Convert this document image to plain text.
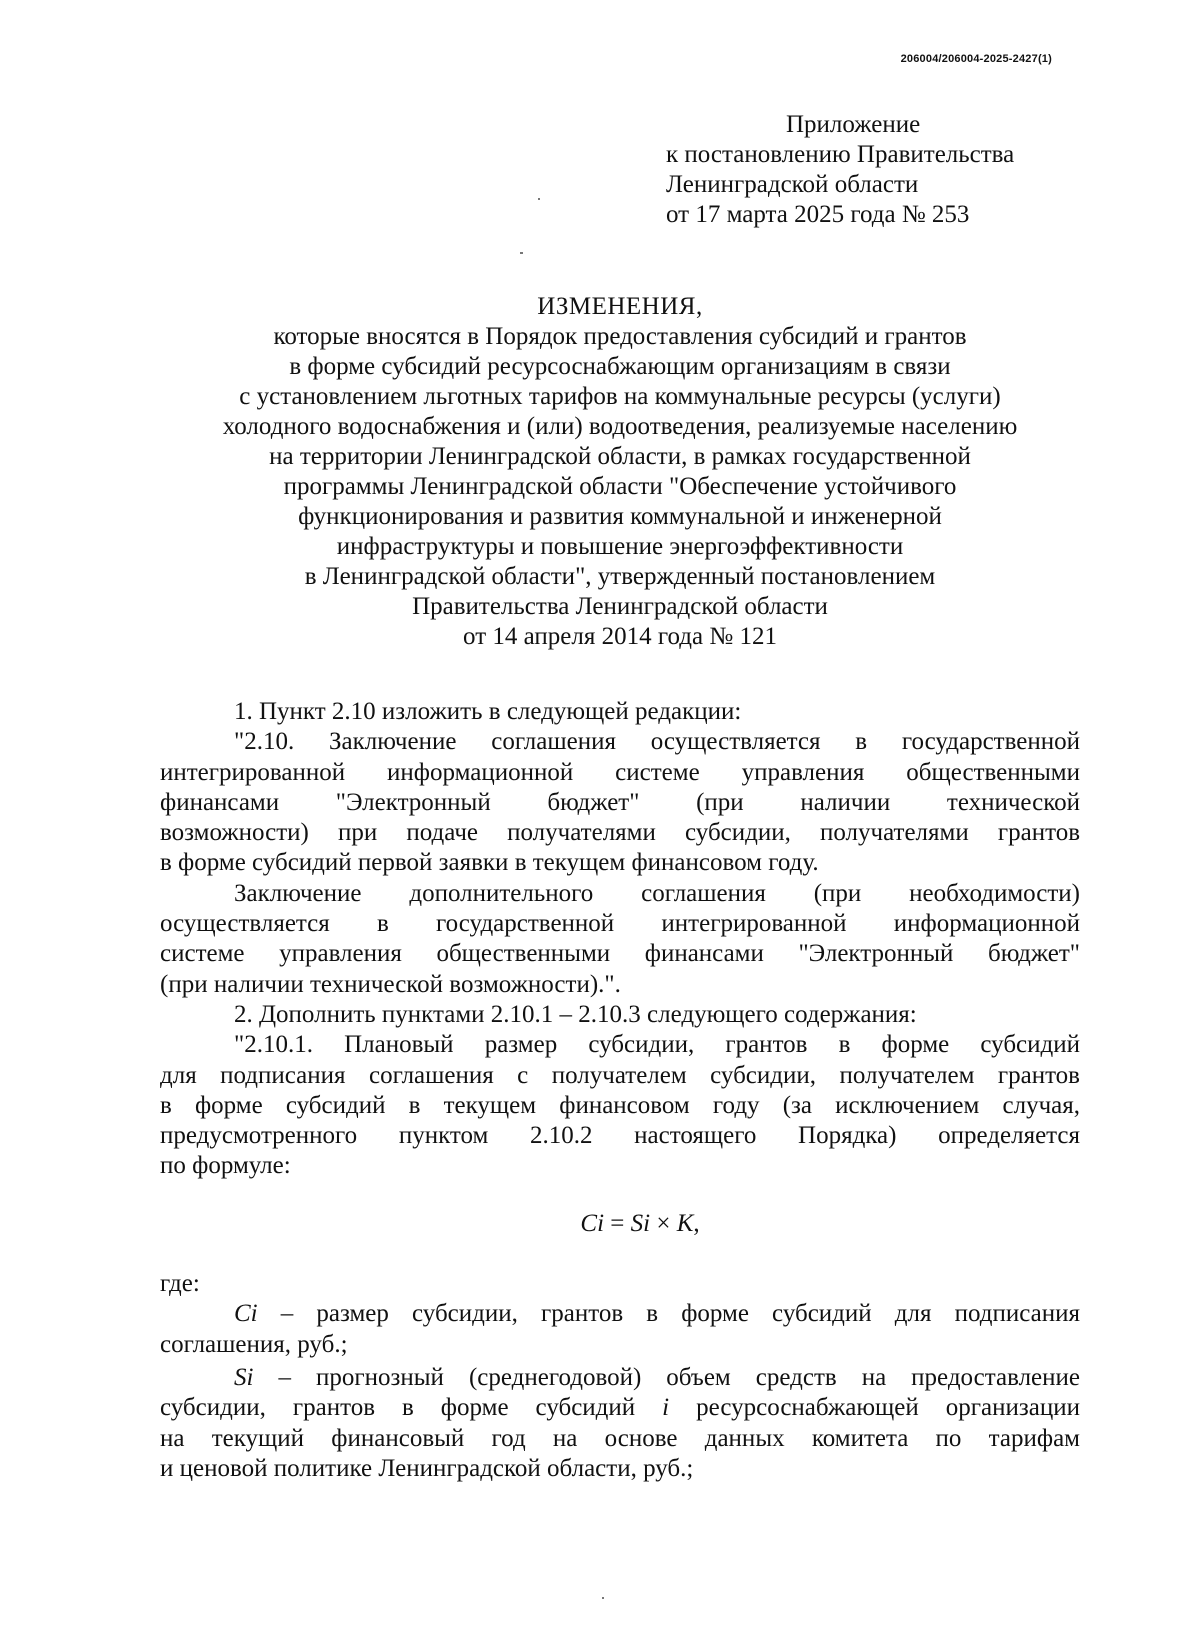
206004/206004-2025-2427(1)
Приложение
к постановлению Правительства
Ленинградской области
от 17 марта 2025 года № 253
ИЗМЕНЕНИЯ,
которые вносятся в Порядок предоставления субсидий и грантов
в форме субсидий ресурсоснабжающим организациям в связи
с установлением льготных тарифов на коммунальные ресурсы (услуги)
холодного водоснабжения и (или) водоотведения, реализуемые населению
на территории Ленинградской области, в рамках государственной
программы Ленинградской области "Обеспечение устойчивого
функционирования и развития коммунальной и инженерной
инфраструктуры и повышение энергоэффективности
в Ленинградской области", утвержденный постановлением
Правительства Ленинградской области
от 14 апреля 2014 года № 121
1. Пункт 2.10 изложить в следующей редакции:
"2.10. Заключение соглашения осуществляется в государственной
интегрированной информационной системе управления общественными
финансами "Электронный бюджет" (при наличии технической
возможности) при подаче получателями субсидии, получателями грантов
в форме субсидий первой заявки в текущем финансовом году.
Заключение дополнительного соглашения (при необходимости)
осуществляется в государственной интегрированной информационной
системе управления общественными финансами "Электронный бюджет"
(при наличии технической возможности).".
2. Дополнить пунктами 2.10.1 – 2.10.3 следующего содержания:
"2.10.1. Плановый размер субсидии, грантов в форме субсидий
для подписания соглашения с получателем субсидии, получателем грантов
в форме субсидий в текущем финансовом году (за исключением случая,
предусмотренного пунктом 2.10.2 настоящего Порядка) определяется
по формуле:
Ci = Si × К,
где:
Ci – размер субсидии, грантов в форме субсидий для подписания
соглашения, руб.;
Si – прогнозный (среднегодовой) объем средств на предоставление
субсидии, грантов в форме субсидий i ресурсоснабжающей организации
на текущий финансовый год на основе данных комитета по тарифам
и ценовой политике Ленинградской области, руб.;
